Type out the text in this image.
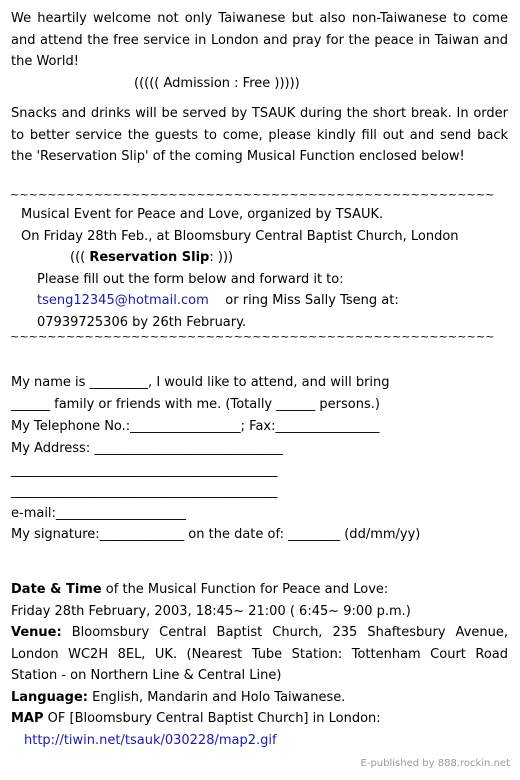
We heartily welcome not only Taiwanese but also non-Taiwanese to come and attend the free service in London and pray for the peace in Taiwan and the World!
((((( Admission : Free )))))
Snacks and drinks will be served by TSAUK during the short break. In order to better service the guests to come, please kindly fill out and send back the 'Reservation Slip' of the coming Musical Function enclosed below!
~~~~~~~~~~~~~~~~~~~~~~~~~~~~~~~~~~~~~~~~~~~~~~~~~~~~
Musical Event for Peace and Love, organized by TSAUK.
On Friday 28th Feb., at Bloomsbury Central Baptist Church, London
((( Reservation Slip: )))
Please fill out the form below and forward it to:
tseng12345@hotmail.com or ring Miss Sally Tseng at:
07939725306 by 26th February.
~~~~~~~~~~~~~~~~~~~~~~~~~~~~~~~~~~~~~~~~~~~~~~~~~~~~
My name is _________, I would like to attend, and will bring
______ family or friends with me. (Totally ______ persons.)
My Telephone No.:_________________; Fax:________________
My Address: _____________________________
_________________________________________
_________________________________________
e-mail:____________________
My signature:_____________ on the date of: ________ (dd/mm/yy)
Date & Time of the Musical Function for Peace and Love:
Friday 28th February, 2003, 18:45~ 21:00 ( 6:45~ 9:00 p.m.)
Venue: Bloomsbury Central Baptist Church, 235 Shaftesbury Avenue, London WC2H 8EL, UK. (Nearest Tube Station: Tottenham Court Road Station - on Northern Line & Central Line)
Language: English, Mandarin and Holo Taiwanese.
MAP OF [Bloomsbury Central Baptist Church] in London:
http://tiwin.net/tsauk/030228/map2.gif
E-published by 888.rockin.net
